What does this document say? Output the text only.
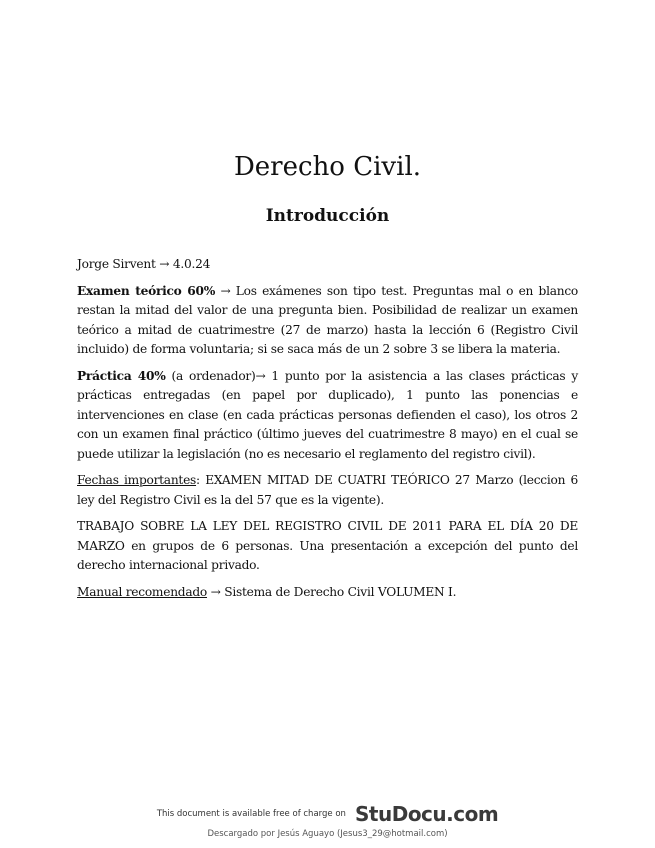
Derecho Civil.
Introducción

Jorge Sirvent → 4.0.24

Examen teórico 60% → Los exámenes son tipo test. Preguntas mal o en blanco restan la mitad del valor de una pregunta bien. Posibilidad de realizar un examen teórico a mitad de cuatrimestre (27 de marzo) hasta la lección 6 (Registro Civil incluido) de forma voluntaria; si se saca más de un 2 sobre 3 se libera la materia.

Práctica 40% (a ordenador)→ 1 punto por la asistencia a las clases prácticas y prácticas entregadas (en papel por duplicado), 1 punto las ponencias e intervenciones en clase (en cada prácticas personas defienden el caso), los otros 2 con un examen final práctico (último jueves del cuatrimestre 8 mayo) en el cual se puede utilizar la legislación (no es necesario el reglamento del registro civil).

Fechas importantes: EXAMEN MITAD DE CUATRI TEÓRICO 27 Marzo (leccion 6 ley del Registro Civil es la del 57 que es la vigente).

TRABAJO SOBRE LA LEY DEL REGISTRO CIVIL DE 2011 PARA EL DÍA 20 DE MARZO en grupos de 6 personas. Una presentación a excepción del punto del derecho internacional privado.

Manual recomendado → Sistema de Derecho Civil VOLUMEN I.

This document is available free of charge on StuDocu.com
Descargado por Jesús Aguayo (Jesus3_29@hotmail.com)
